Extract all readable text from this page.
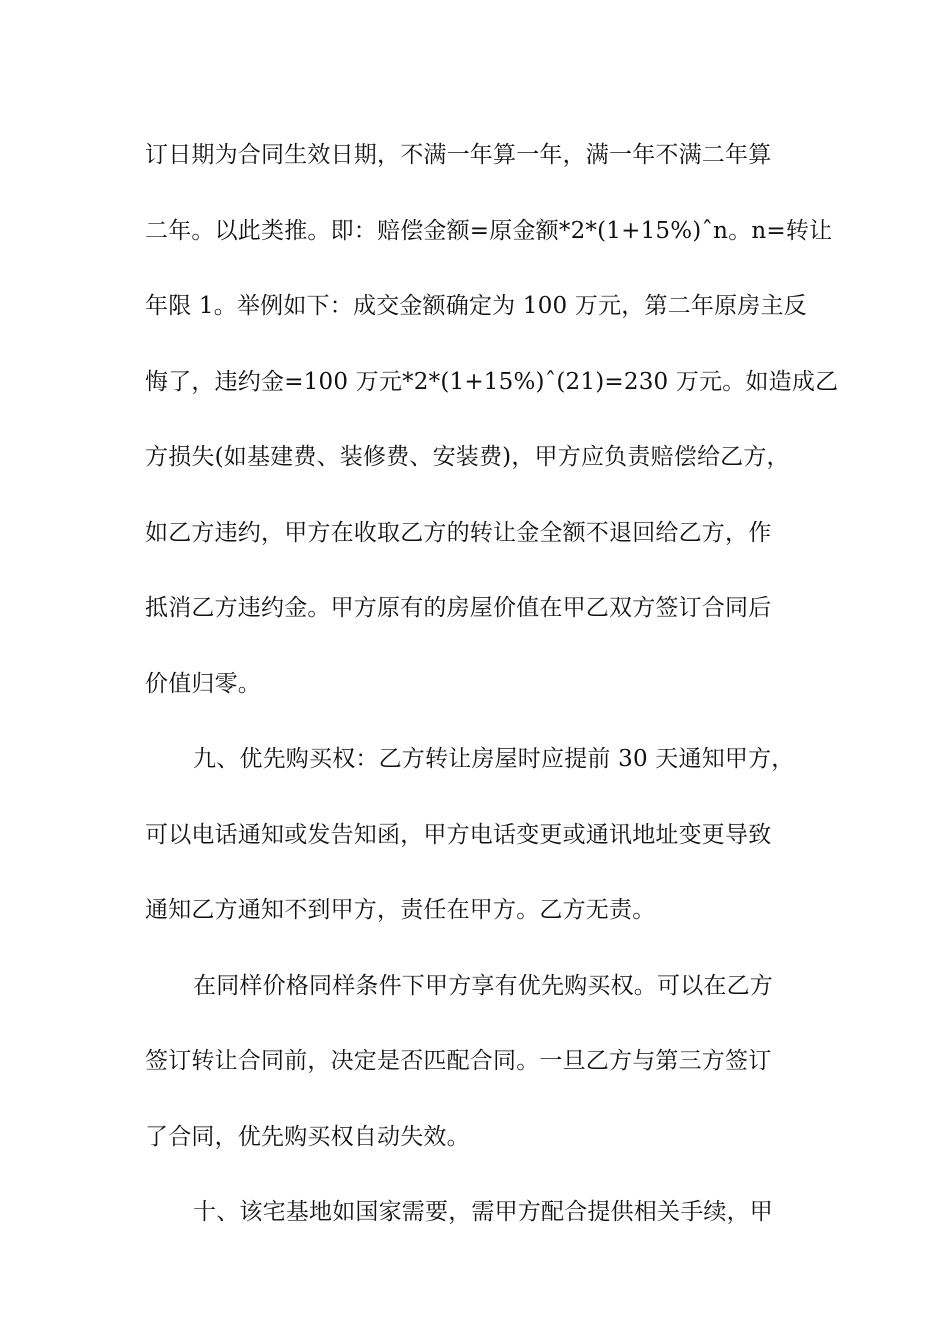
订日期为合同生效日期，不满一年算一年，满一年不满二年算
二年。以此类推。即：赔偿金额=原金额*2*(1+15%)ˆn。n=转让
年限 1。举例如下：成交金额确定为 100 万元，第二年原房主反
悔了，违约金=100 万元*2*(1+15%)ˆ(21)=230 万元。如造成乙
方损失(如基建费、装修费、安装费)，甲方应负责赔偿给乙方，
如乙方违约，甲方在收取乙方的转让金全额不退回给乙方，作
抵消乙方违约金。甲方原有的房屋价值在甲乙双方签订合同后
价值归零。
九、优先购买权：乙方转让房屋时应提前 30 天通知甲方，
可以电话通知或发告知函，甲方电话变更或通讯地址变更导致
通知乙方通知不到甲方，责任在甲方。乙方无责。
在同样价格同样条件下甲方享有优先购买权。可以在乙方
签订转让合同前，决定是否匹配合同。一旦乙方与第三方签订
了合同，优先购买权自动失效。
十、该宅基地如国家需要，需甲方配合提供相关手续，甲
